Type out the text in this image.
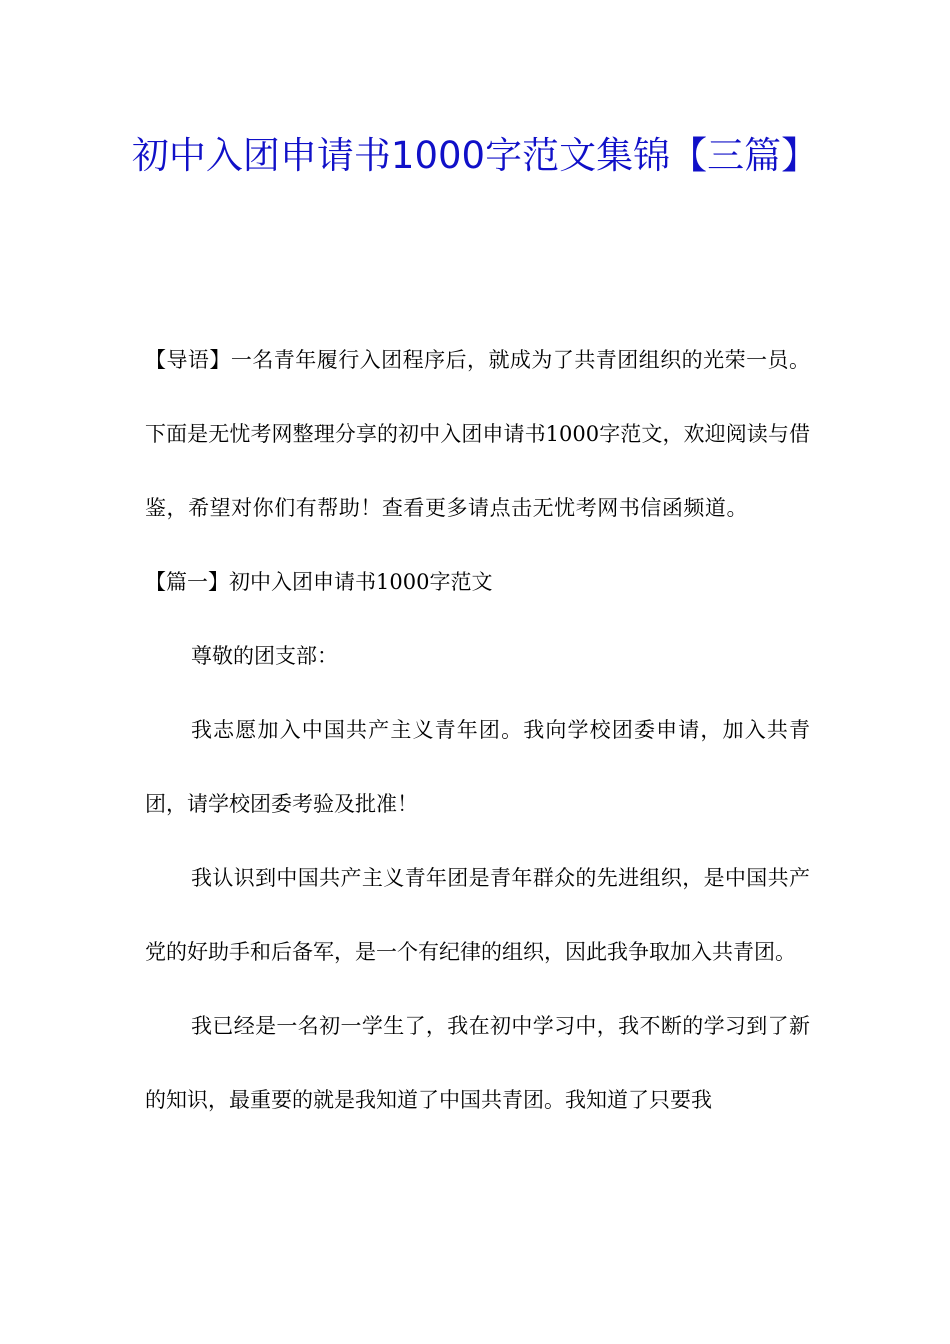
初中入团申请书1000字范文集锦【三篇】

【导语】一名青年履行入团程序后，就成为了共青团组织的光荣一员。下面是无忧考网整理分享的初中入团申请书1000字范文，欢迎阅读与借鉴，希望对你们有帮助！查看更多请点击无忧考网书信函频道。【篇一】初中入团申请书1000字范文

尊敬的团支部：

我志愿加入中国共产主义青年团。我向学校团委申请，加入共青团，请学校团委考验及批准！

我认识到中国共产主义青年团是青年群众的先进组织，是中国共产党的好助手和后备军，是一个有纪律的组织，因此我争取加入共青团。

我已经是一名初一学生了，我在初中学习中，我不断的学习到了新的知识，最重要的就是我知道了中国共青团。我知道了只要我
